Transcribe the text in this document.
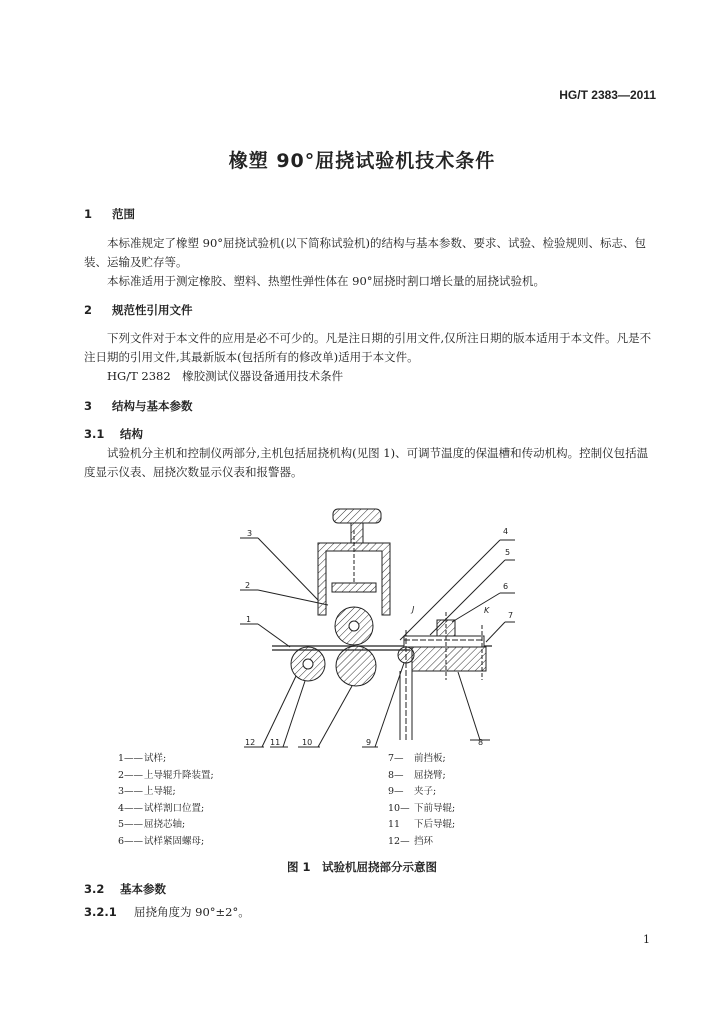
HG/T 2383—2011
橡塑 90°屈挠试验机技术条件
1 范围
本标准规定了橡塑 90°屈挠试验机(以下简称试验机)的结构与基本参数、要求、试验、检验规则、标志、包装、运输及贮存等。
本标准适用于测定橡胶、塑料、热塑性弹性体在 90°屈挠时割口增长量的屈挠试验机。
2 规范性引用文件
下列文件对于本文件的应用是必不可少的。凡是注日期的引用文件,仅所注日期的版本适用于本文件。凡是不注日期的引用文件,其最新版本(包括所有的修改单)适用于本文件。
HG/T 2382　橡胶测试仪器设备通用技术条件
3 结构与基本参数
3.1 结构
试验机分主机和控制仪两部分,主机包括屈挠机构(见图 1)、可调节温度的保温槽和传动机构。控制仪包括温度显示仪表、屈挠次数显示仪表和报警器。
3
2
1
4
5
6
7
8
9
10
11
12
J	K
1——试样;
2——上导辊升降装置;
3——上导辊;
4——试样割口位置;
5——屈挠芯轴;
6——试样紧固螺母;
7— 前挡板;
8— 屈挠臂;
9— 夹子;
10— 下前导辊;
11 下后导辊;
12— 挡环
图 1　试验机屈挠部分示意图
3.2 基本参数
3.2.1 屈挠角度为 90°±2°。
1
